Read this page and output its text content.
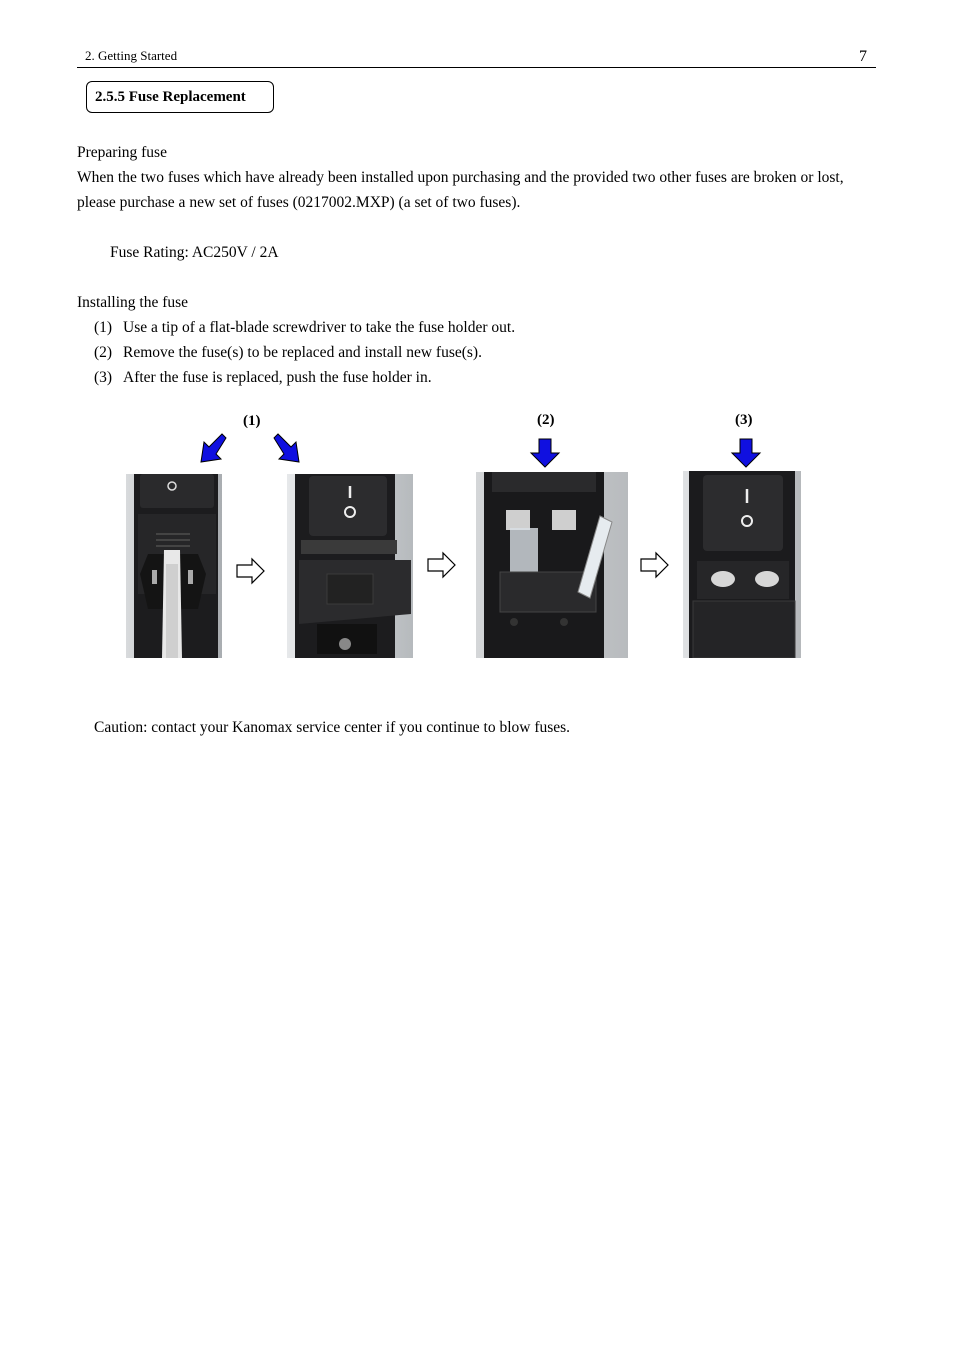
2. Getting Started	7
2.5.5 Fuse Replacement
Preparing fuse
When the two fuses which have already been installed upon purchasing and the provided two other fuses are broken or lost, please purchase a new set of fuses (0217002.MXP) (a set of two fuses).
Fuse Rating: AC250V / 2A
Installing the fuse
(1) Use a tip of a flat-blade screwdriver to take the fuse holder out.
(2) Remove the fuse(s) to be replaced and install new fuse(s).
(3) After the fuse is replaced, push the fuse holder in.
(1)	(2)	(3)
Caution: contact your Kanomax service center if you continue to blow fuses.
